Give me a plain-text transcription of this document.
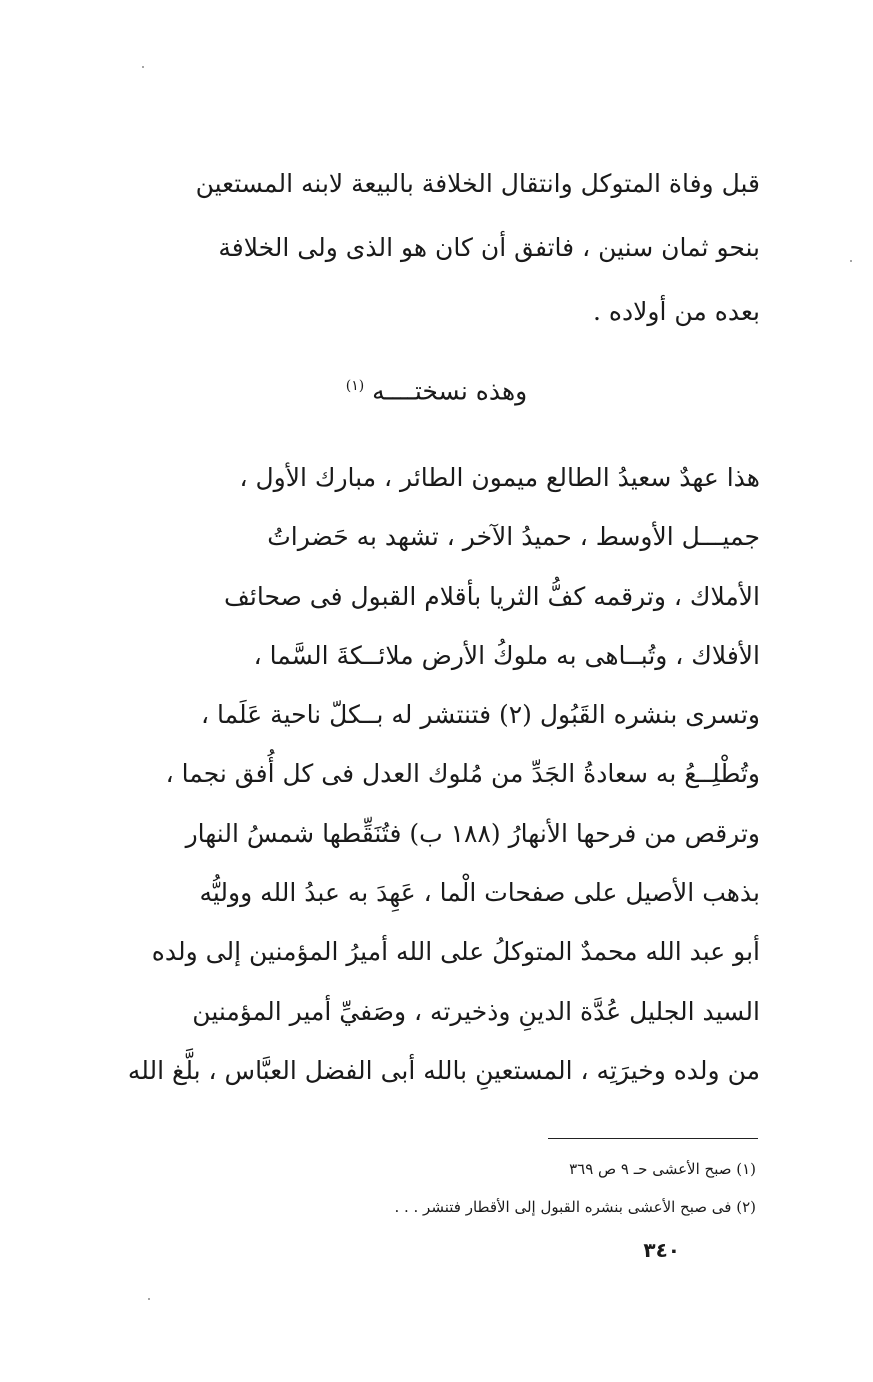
قبل وفاة المتوكل وانتقال الخلافة بالبيعة لابنه المستعين
بنحو ثمان سنين ، فاتفق أن كان هو الذى ولى الخلافة
بعده من أولاده .
وهذه نسختــــه $^{(١)}$
هذا عهدٌ سعيدُ الطالع ميمون الطائر ، مبارك الأول ،
جميـــل الأوسط ، حميدُ الآخر ، تشهد به حَضراتُ
الأملاك ، وترقمه كفُّ الثريا بأقلام القبول فى صحائف
الأفلاك ، وتُبــاهى به ملوكُ الأرض ملائــكةَ السَّما ،
وتسرى بنشره القَبُول (٢) فتنتشر له بــكلّ ناحية عَلَما ،
وتُطْلِــعُ به سعادةُ الجَدِّ من مُلوك العدل فى كل أُفق نجما ،
وترقص من فرحها الأنهارُ (١٨٨ ب) فتُنَقِّطها شمسُ النهار
بذهب الأصيل على صفحات الْما ، عَهِدَ به عبدُ الله ووليُّه
أبو عبد الله محمدٌ المتوكلُ على الله أميرُ المؤمنين إلى ولده
السيد الجليل عُدَّة الدينِ وذخيرته ، وصَفيِّ أمير المؤمنين
من ولده وخيرَتِه ، المستعينِ بالله أبى الفضل العبَّاس ، بلَّغ الله
(١) صبح الأعشى حـ ٩ ص ٣٦٩
(٢) فى صبح الأعشى بنشره القبول إلى الأقطار فتنشر . . .
٣٤٠
